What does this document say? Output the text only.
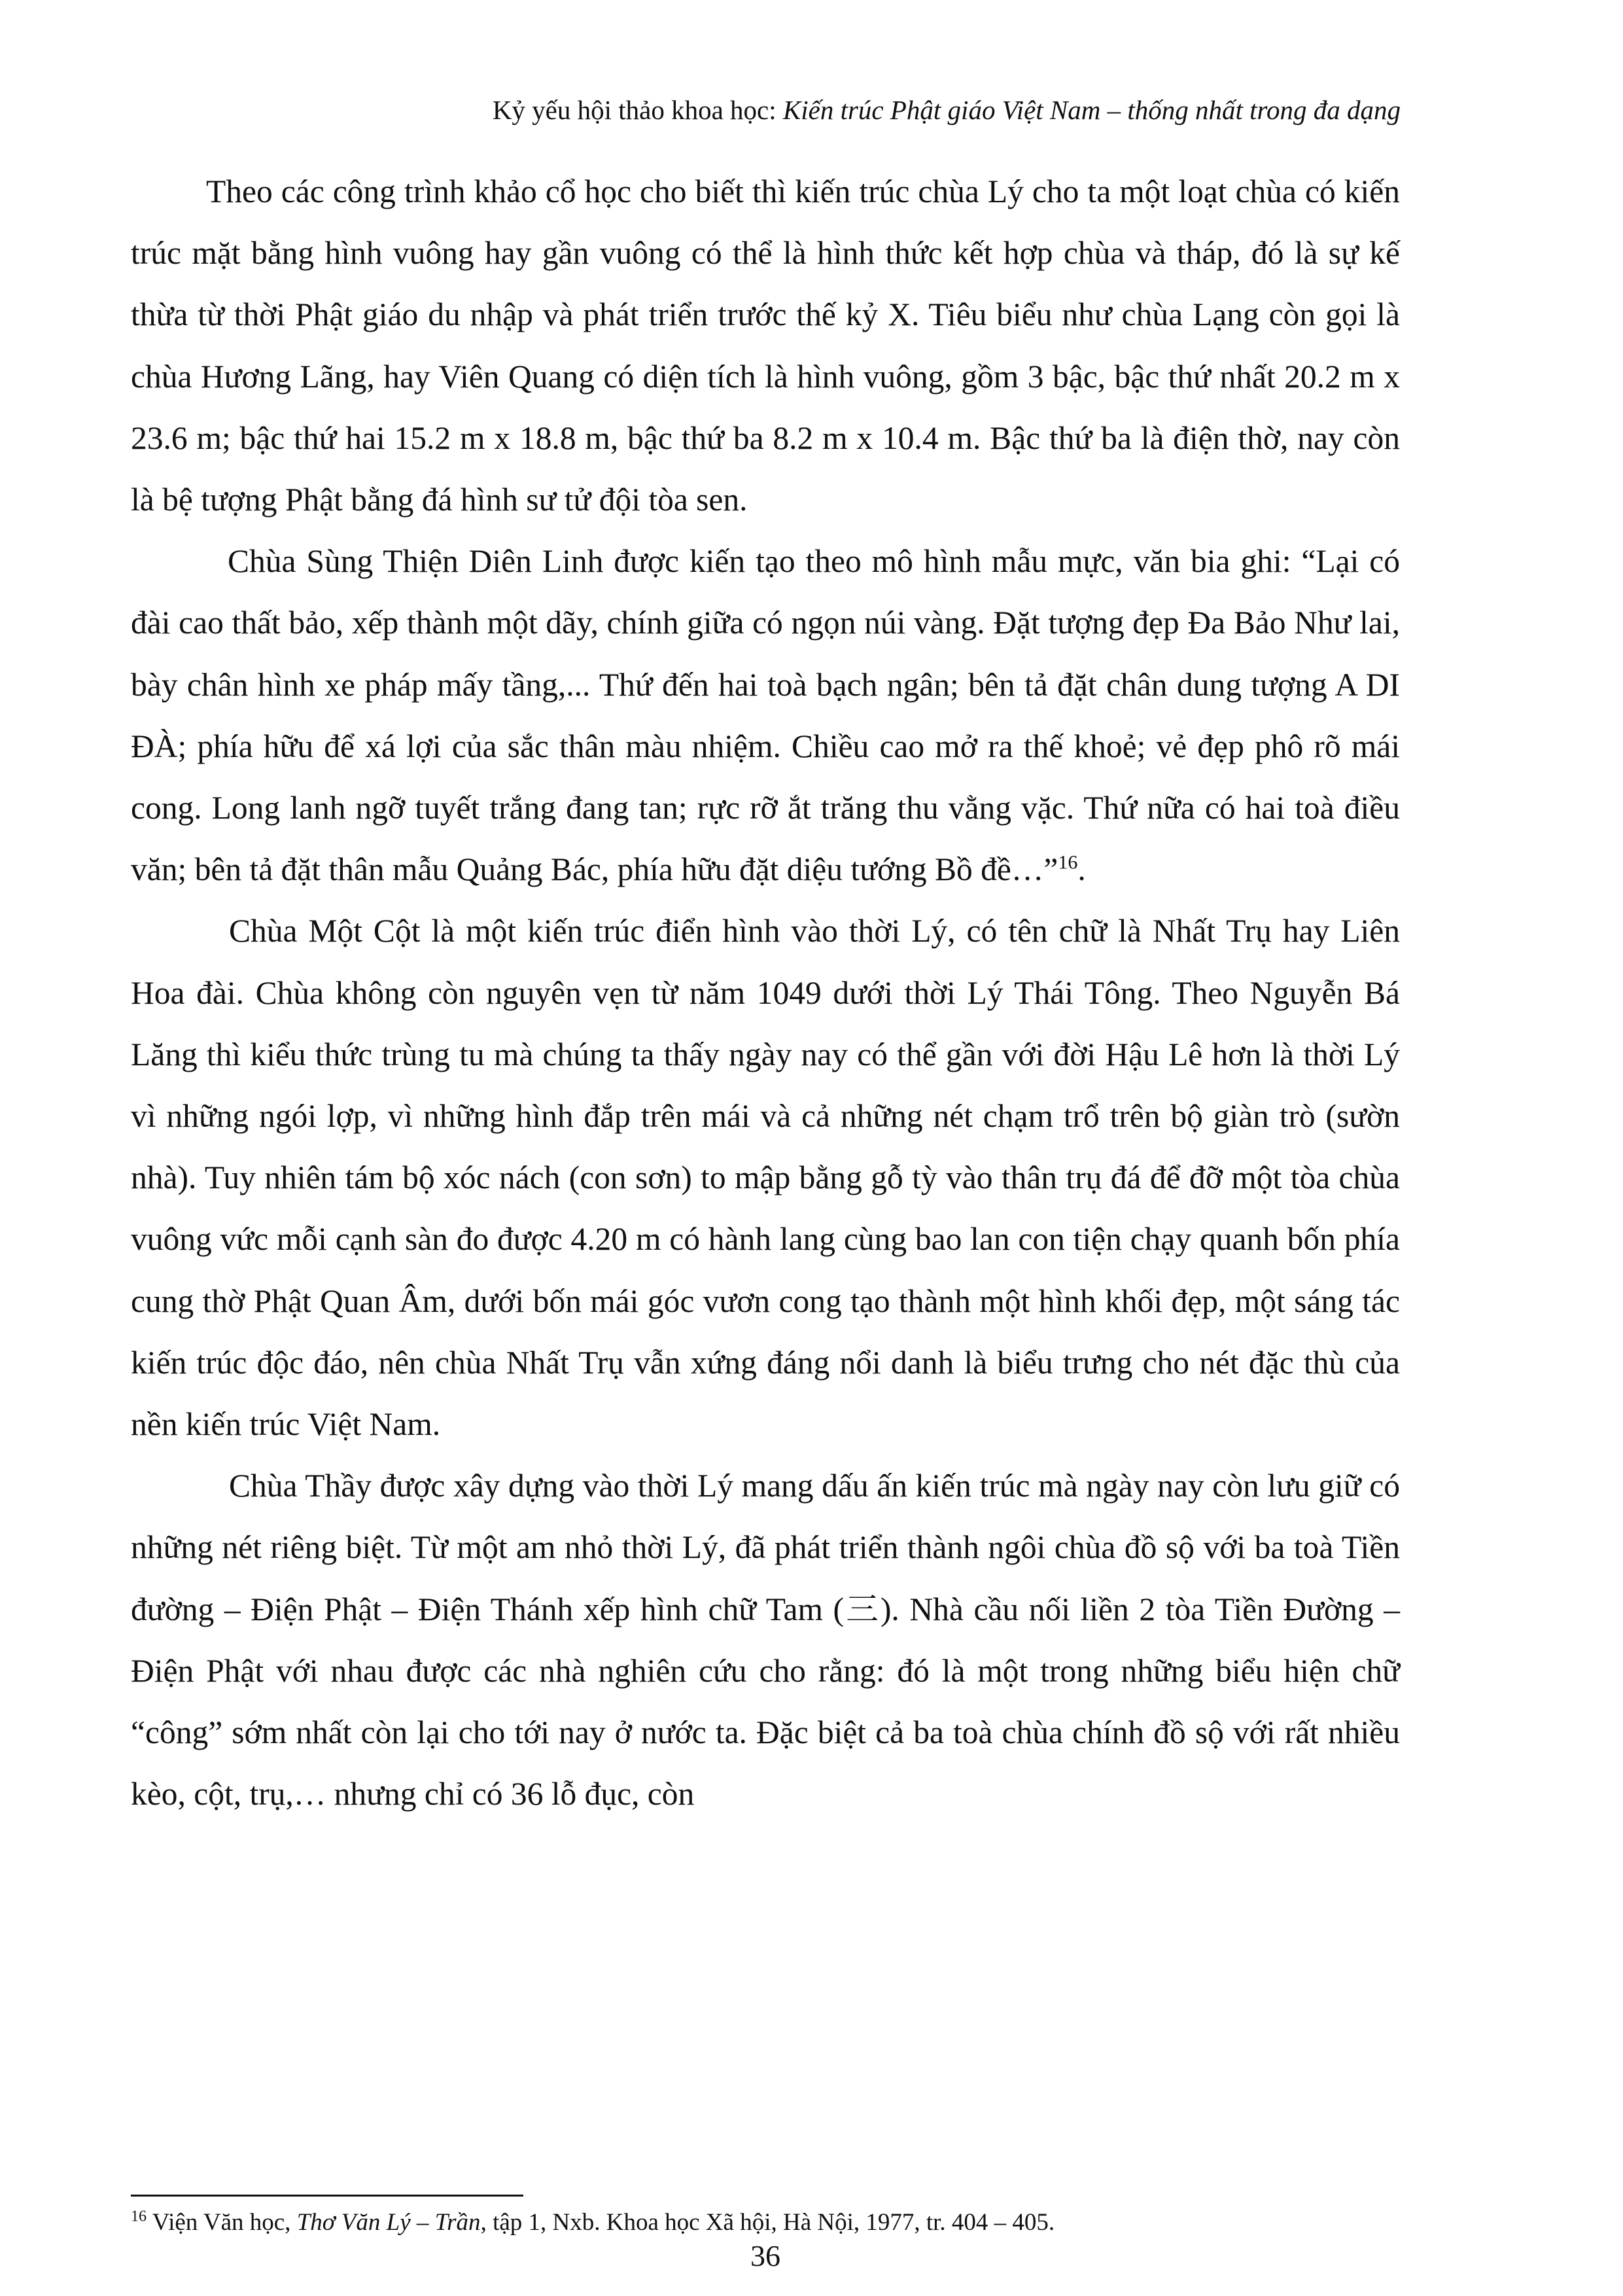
Kỷ yếu hội thảo khoa học: Kiến trúc Phật giáo Việt Nam – thống nhất trong đa dạng

Theo các công trình khảo cổ học cho biết thì kiến trúc chùa Lý cho ta một loạt chùa có kiến trúc mặt bằng hình vuông hay gần vuông có thể là hình thức kết hợp chùa và tháp, đó là sự kế thừa từ thời Phật giáo du nhập và phát triển trước thế kỷ X. Tiêu biểu như chùa Lạng còn gọi là chùa Hương Lãng, hay Viên Quang có diện tích là hình vuông, gồm 3 bậc, bậc thứ nhất 20.2 m x 23.6 m; bậc thứ hai 15.2 m x 18.8 m, bậc thứ ba 8.2 m x 10.4 m. Bậc thứ ba là điện thờ, nay còn là bệ tượng Phật bằng đá hình sư tử đội tòa sen.

Chùa Sùng Thiện Diên Linh được kiến tạo theo mô hình mẫu mực, văn bia ghi: “Lại có đài cao thất bảo, xếp thành một dãy, chính giữa có ngọn núi vàng. Đặt tượng đẹp Đa Bảo Như lai, bày chân hình xe pháp mấy tầng,... Thứ đến hai toà bạch ngân; bên tả đặt chân dung tượng A DI ĐÀ; phía hữu để xá lợi của sắc thân màu nhiệm. Chiều cao mở ra thế khoẻ; vẻ đẹp phô rõ mái cong. Long lanh ngỡ tuyết trắng đang tan; rực rỡ ắt trăng thu vằng vặc. Thứ nữa có hai toà điều văn; bên tả đặt thân mẫu Quảng Bác, phía hữu đặt diệu tướng Bồ đề…”$^{16}$.

Chùa Một Cột là một kiến trúc điển hình vào thời Lý, có tên chữ là Nhất Trụ hay Liên Hoa đài. Chùa không còn nguyên vẹn từ năm 1049 dưới thời Lý Thái Tông. Theo Nguyễn Bá Lăng thì kiểu thức trùng tu mà chúng ta thấy ngày nay có thể gần với đời Hậu Lê hơn là thời Lý vì những ngói lợp, vì những hình đắp trên mái và cả những nét chạm trổ trên bộ giàn trò (sườn nhà). Tuy nhiên tám bộ xóc nách (con sơn) to mập bằng gỗ tỳ vào thân trụ đá để đỡ một tòa chùa vuông vức mỗi cạnh sàn đo được 4.20 m có hành lang cùng bao lan con tiện chạy quanh bốn phía cung thờ Phật Quan Âm, dưới bốn mái góc vươn cong tạo thành một hình khối đẹp, một sáng tác kiến trúc độc đáo, nên chùa Nhất Trụ vẫn xứng đáng nổi danh là biểu trưng cho nét đặc thù của nền kiến trúc Việt Nam.

Chùa Thầy được xây dựng vào thời Lý mang dấu ấn kiến trúc mà ngày nay còn lưu giữ có những nét riêng biệt. Từ một am nhỏ thời Lý, đã phát triển thành ngôi chùa đồ sộ với ba toà Tiền đường – Điện Phật – Điện Thánh xếp hình chữ Tam (三). Nhà cầu nối liền 2 tòa Tiền Đường – Điện Phật với nhau được các nhà nghiên cứu cho rằng: đó là một trong những biểu hiện chữ “công” sớm nhất còn lại cho tới nay ở nước ta. Đặc biệt cả ba toà chùa chính đồ sộ với rất nhiều kèo, cột, trụ,… nhưng chỉ có 36 lỗ đục, còn

$^{16}$ Viện Văn học, Thơ Văn Lý – Trần, tập 1, Nxb. Khoa học Xã hội, Hà Nội, 1977, tr. 404 – 405.
36
